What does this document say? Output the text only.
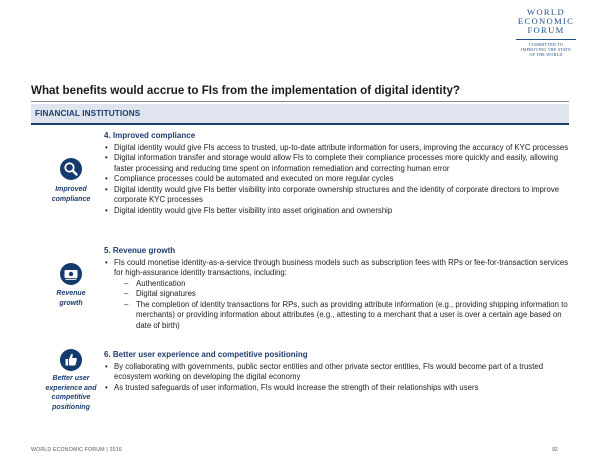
WORLD
ECONOMIC
FORUM
COMMITTED TO
IMPROVING THE STATE
OF THE WORLD
What benefits would accrue to FIs from the implementation of digital identity?
FINANCIAL INSTITUTIONS
Improved
compliance
4. Improved compliance
• Digital identity would give FIs access to trusted, up-to-date attribute information for users, improving the accuracy of KYC processes
• Digital information transfer and storage would allow FIs to complete their compliance processes more quickly and easily, allowing faster processing and reducing time spent on information remediation and correcting human error
• Compliance processes could be automated and executed on more regular cycles
• Digital identity would give FIs better visibility into corporate ownership structures and the identity of corporate directors to improve corporate KYC processes
• Digital identity would give FIs better visibility into asset origination and ownership
Revenue
growth
5. Revenue growth
• FIs could monetise identity-as-a-service through business models such as subscription fees with RPs or fee-for-transaction services for high-assurance identity transactions, including:
– Authentication
– Digital signatures
– The completion of identity transactions for RPs, such as providing attribute information (e.g., providing shipping information to merchants) or providing information about attributes (e.g., attesting to a merchant that a user is over a certain age based on date of birth)
Better user
experience and
competitive
positioning
6. Better user experience and competitive positioning
• By collaborating with governments, public sector entities and other private sector entities, FIs would become part of a trusted ecosystem working on developing the digital economy
• As trusted safeguards of user information, FIs would increase the strength of their relationships with users
WORLD ECONOMIC FORUM | 2016	92
